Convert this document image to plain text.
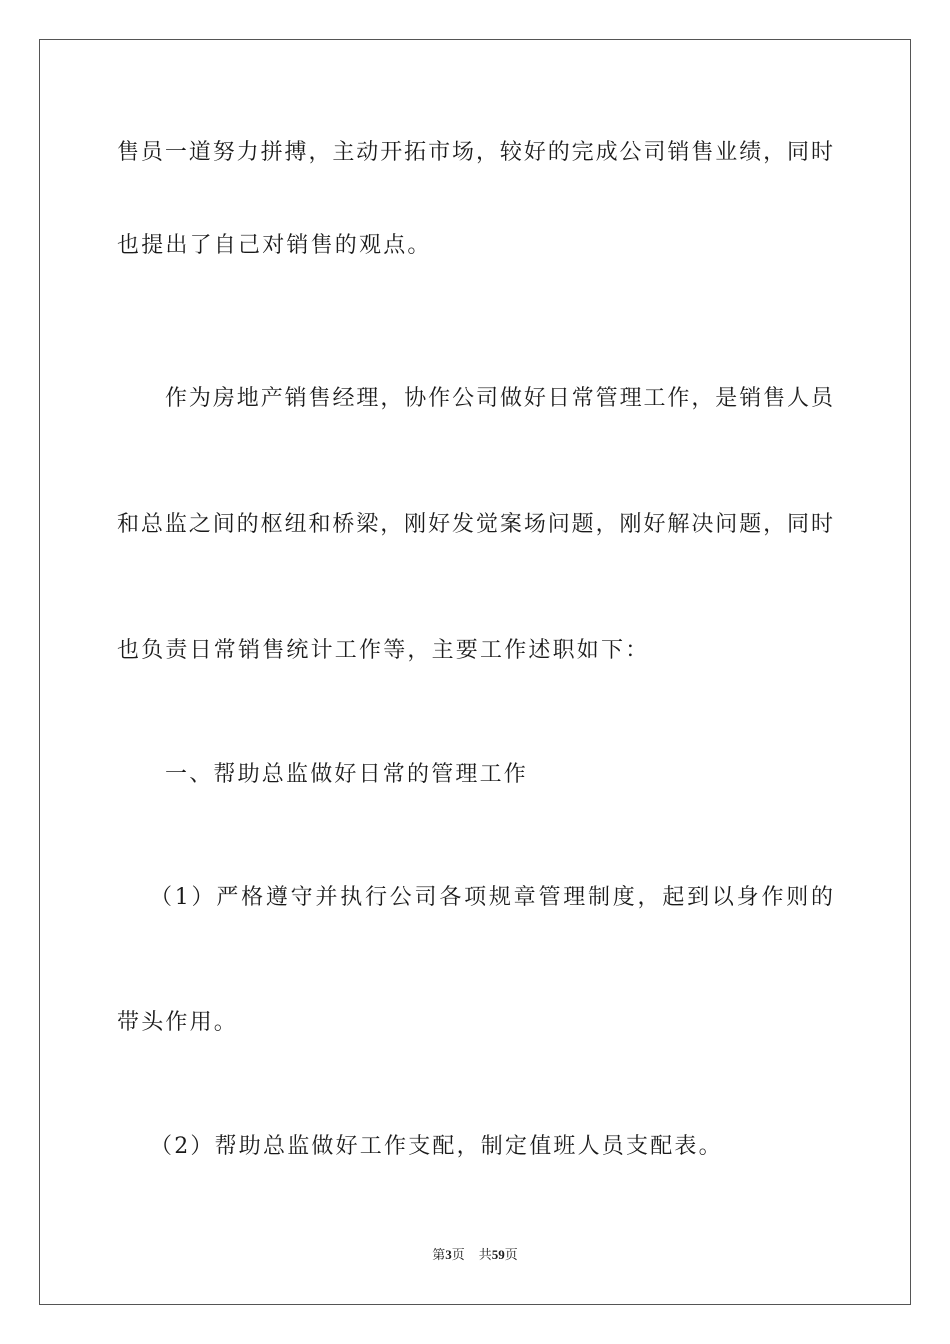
售员一道努力拼搏，主动开拓市场，较好的完成公司销售业绩，同时
也提出了自己对销售的观点。
作为房地产销售经理，协作公司做好日常管理工作，是销售人员
和总监之间的枢纽和桥梁，刚好发觉案场问题，刚好解决问题，同时
也负责日常销售统计工作等，主要工作述职如下：
一、帮助总监做好日常的管理工作
（1）严格遵守并执行公司各项规章管理制度，起到以身作则的
带头作用。
（2）帮助总监做好工作支配，制定值班人员支配表。
第3页 共59页
